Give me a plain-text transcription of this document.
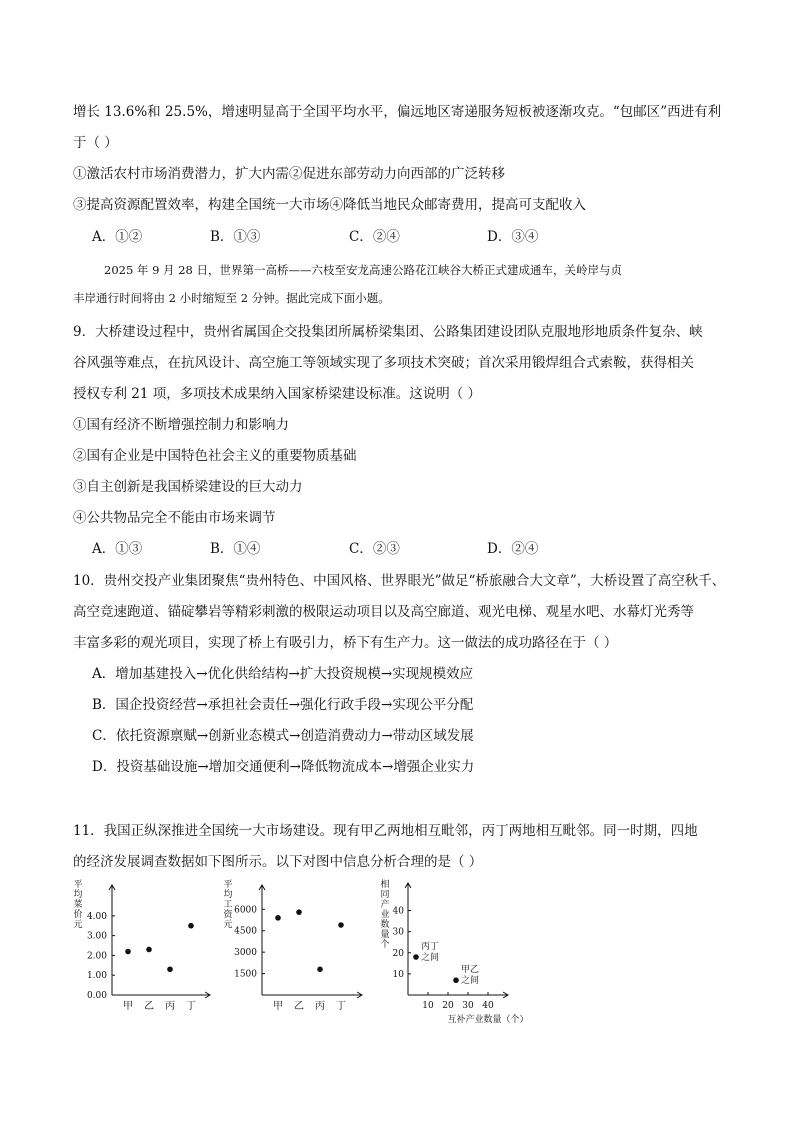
增长 13.6%和 25.5%，增速明显高于全国平均水平，偏远地区寄递服务短板被逐渐攻克。“包邮区”西进有利
于（ ）
①激活农村市场消费潜力，扩大内需②促进东部劳动力向西部的广泛转移
③提高资源配置效率，构建全国统一大市场④降低当地民众邮寄费用，提高可支配收入
A．①②	B．①③	C．②④	D．③④
2025 年 9 月 28 日，世界第一高桥——六枝至安龙高速公路花江峡谷大桥正式建成通车，关岭岸与贞
丰岸通行时间将由 2 小时缩短至 2 分钟。据此完成下面小题。
9．大桥建设过程中，贵州省属国企交投集团所属桥梁集团、公路集团建设团队克服地形地质条件复杂、峡
谷风强等难点，在抗风设计、高空施工等领域实现了多项技术突破；首次采用锻焊组合式索鞍，获得相关
授权专利 21 项，多项技术成果纳入国家桥梁建设标准。这说明（ ）
①国有经济不断增强控制力和影响力
②国有企业是中国特色社会主义的重要物质基础
③自主创新是我国桥梁建设的巨大动力
④公共物品完全不能由市场来调节
A．①③	B．①④	C．②③	D．②④
10．贵州交投产业集团聚焦“贵州特色、中国风格、世界眼光”做足“桥旅融合大文章”，大桥设置了高空秋千、
高空竞速跑道、锚碇攀岩等精彩刺激的极限运动项目以及高空廊道、观光电梯、观星水吧、水幕灯光秀等
丰富多彩的观光项目，实现了桥上有吸引力，桥下有生产力。这一做法的成功路径在于（ ）
A．增加基建投入→优化供给结构→扩大投资规模→实现规模效应
B．国企投资经营→承担社会责任→强化行政手段→实现公平分配
C．依托资源禀赋→创新业态模式→创造消费动力→带动区域发展
D．投资基础设施→增加交通便利→降低物流成本→增强企业实力
11．我国正纵深推进全国统一大市场建设。现有甲乙两地相互毗邻，丙丁两地相互毗邻。同一时期，四地
的经济发展调查数据如下图所示。以下对图中信息分析合理的是（ ）
平
均
菜
价
元
0.00
1.00
2.00
3.00
4.00
甲 乙 丙 丁
平
均
工
资
元
1500
3000
4500
6000
甲 乙 丙 丁
相
同
产
业
数
量
个
10
20
30
40
10 20 30 40
互补产业数量（个）
丙丁
之间
甲乙
之间
